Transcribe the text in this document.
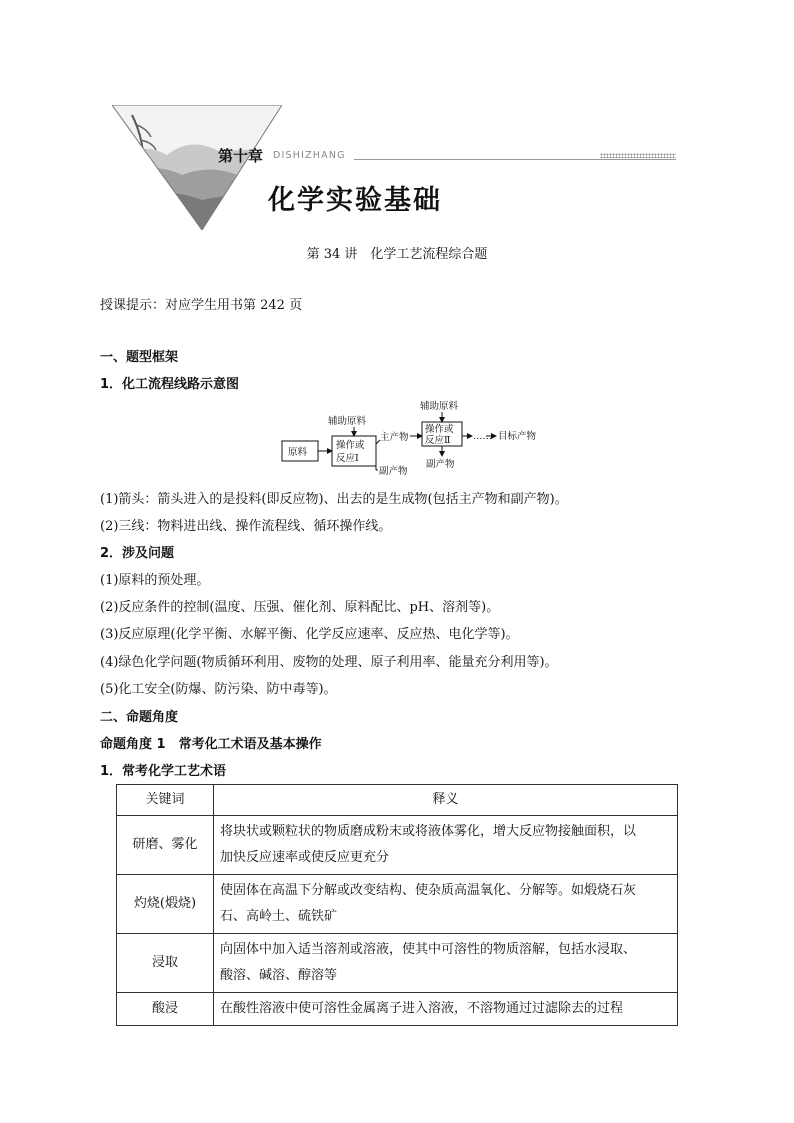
第十章 DISHIZHANG
化学实验基础
第 34 讲　化学工艺流程综合题
授课提示：对应学生用书第 242 页
一、题型框架
1．化工流程线路示意图
原料
操作或
反应Ⅰ
辅助原料
副产物
主产物
操作或
反应Ⅱ
辅助原料
副产物
…… 目标产物
(1)箭头：箭头进入的是投料(即反应物)、出去的是生成物(包括主产物和副产物)。
(2)三线：物料进出线、操作流程线、循环操作线。
2．涉及问题
(1)原料的预处理。
(2)反应条件的控制(温度、压强、催化剂、原料配比、pH、溶剂等)。
(3)反应原理(化学平衡、水解平衡、化学反应速率、反应热、电化学等)。
(4)绿色化学问题(物质循环利用、废物的处理、原子利用率、能量充分利用等)。
(5)化工安全(防爆、防污染、防中毒等)。
二、命题角度
命题角度 1　常考化工术语及基本操作
1．常考化学工艺术语
关键词	释义
研磨、雾化	将块状或颗粒状的物质磨成粉末或将液体雾化，增大反应物接触面积，以
加快反应速率或使反应更充分

灼烧(煅烧)	使固体在高温下分解或改变结构、使杂质高温氧化、分解等。如煅烧石灰
石、高岭土、硫铁矿

浸取	向固体中加入适当溶剂或溶液，使其中可溶性的物质溶解，包括水浸取、
酸溶、碱溶、醇溶等

酸浸	在酸性溶液中使可溶性金属离子进入溶液，不溶物通过过滤除去的过程
